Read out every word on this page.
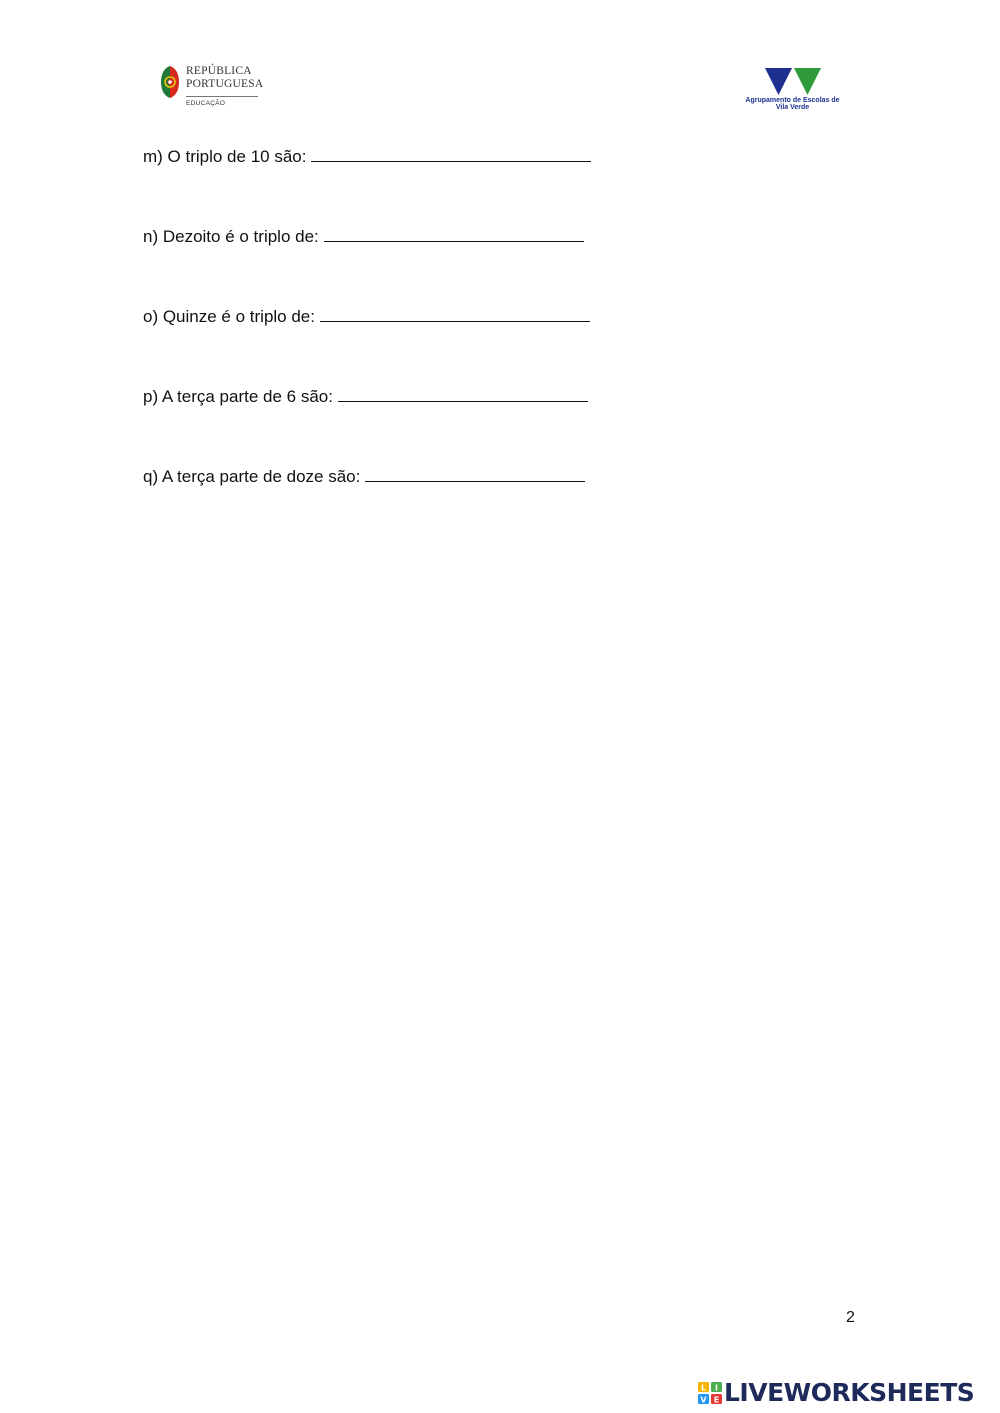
REPÚBLICA
PORTUGUESA
EDUCAÇÃO	Agrupamento de Escolas de
Vila Verde
m) O triplo de 10 são:
n) Dezoito é o triplo de:
o) Quinze é o triplo de:
p) A terça parte de 6 são:
q) A terça parte de doze são:
2
L I
V E LIVEWORKSHEETS
